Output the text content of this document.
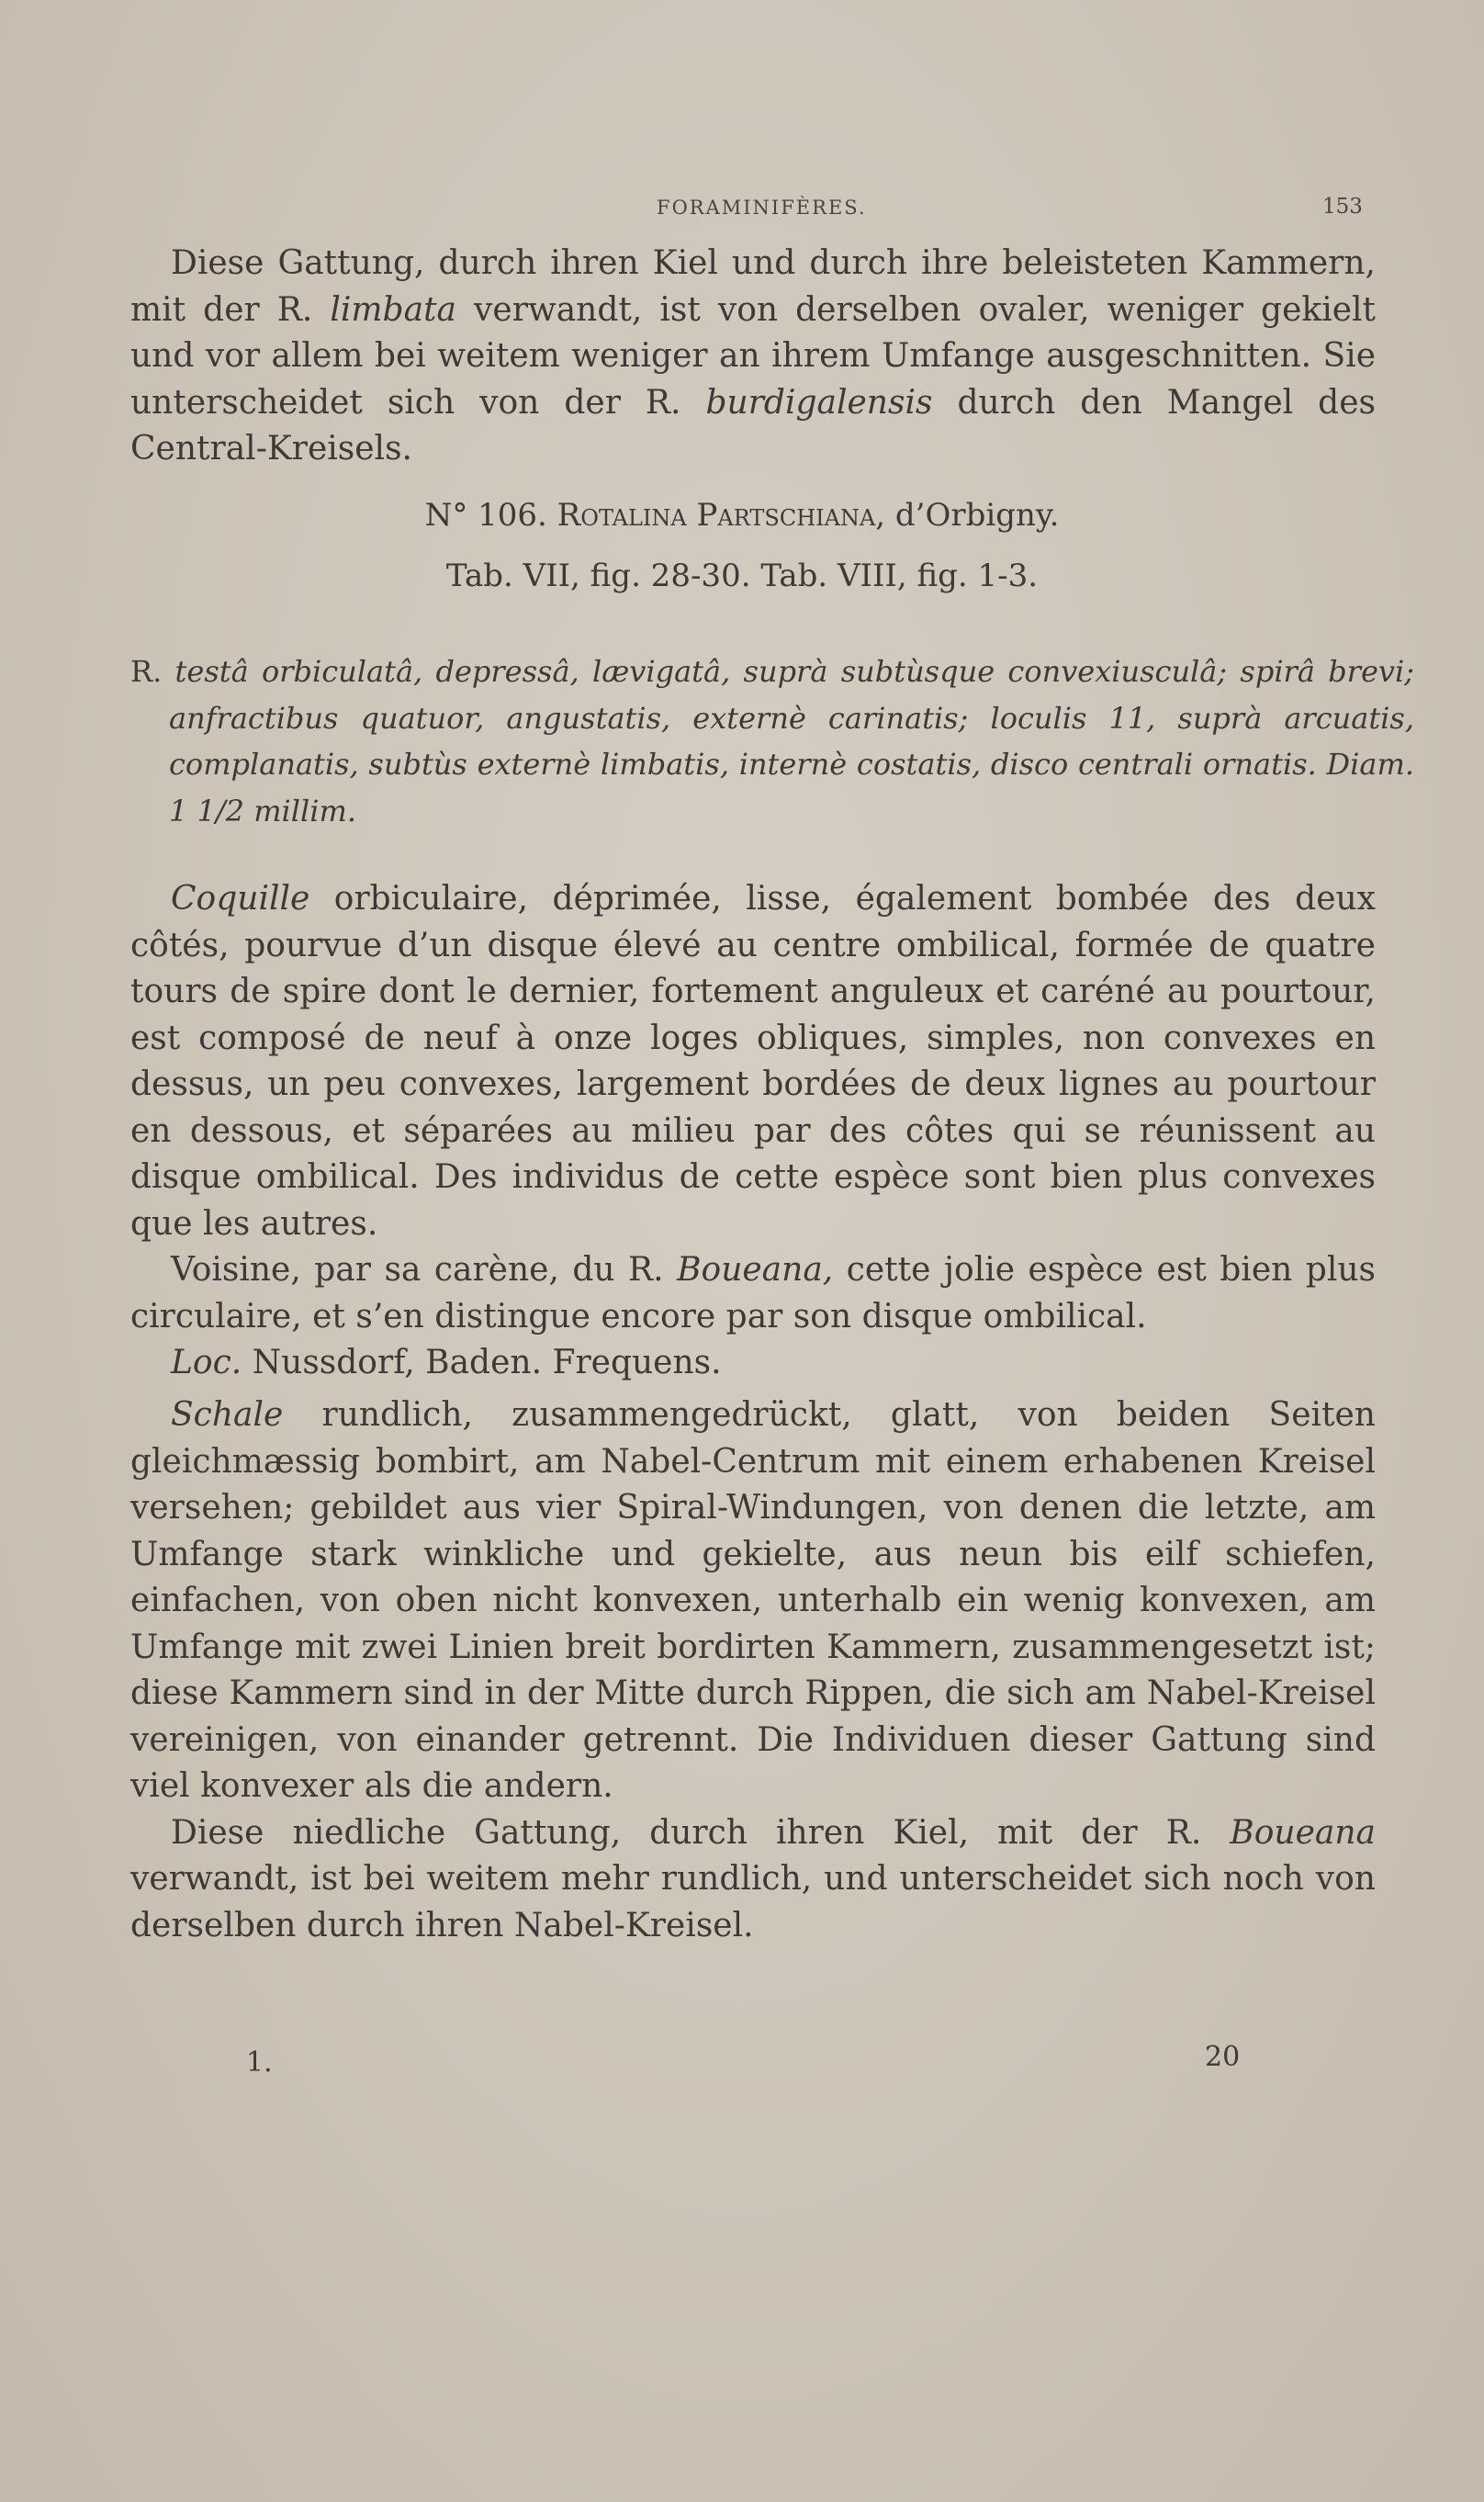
FORAMINIFÈRES.	153

Diese Gattung, durch ihren Kiel und durch ihre beleisteten Kammern, mit der R. limbata verwandt, ist von derselben ovaler, weniger gekielt und vor allem bei weitem weniger an ihrem Umfange ausgeschnitten. Sie unterscheidet sich von der R. burdigalensis durch den Mangel des Central-Kreisels.

N° 106. Rotalina Partschiana, d’Orbigny.
Tab. VII, fig. 28-30. Tab. VIII, fig. 1-3.
R. testâ orbiculatâ, depressâ, lævigatâ, suprà subtùsque convexiusculâ; spirâ brevi; anfractibus quatuor, angustatis, externè carinatis; loculis 11, suprà arcuatis, complanatis, subtùs externè limbatis, internè costatis, disco centrali ornatis. Diam. 1 1/2 millim.

Coquille orbiculaire, déprimée, lisse, également bombée des deux côtés, pourvue d’un disque élevé au centre ombilical, formée de quatre tours de spire dont le dernier, fortement anguleux et caréné au pourtour, est composé de neuf à onze loges obliques, simples, non convexes en dessus, un peu convexes, largement bordées de deux lignes au pourtour en dessous, et séparées au milieu par des côtes qui se réunissent au disque ombilical. Des individus de cette espèce sont bien plus convexes que les autres.

Voisine, par sa carène, du R. Boueana, cette jolie espèce est bien plus circulaire, et s’en distingue encore par son disque ombilical.

Loc. Nussdorf, Baden. Frequens.

Schale rundlich, zusammengedrückt, glatt, von beiden Seiten gleichmæssig bombirt, am Nabel-Centrum mit einem erhabenen Kreisel versehen; gebildet aus vier Spiral-Windungen, von denen die letzte, am Umfange stark winkliche und gekielte, aus neun bis eilf schiefen, einfachen, von oben nicht konvexen, unterhalb ein wenig konvexen, am Umfange mit zwei Linien breit bordirten Kammern, zusammengesetzt ist; diese Kammern sind in der Mitte durch Rippen, die sich am Nabel-Kreisel vereinigen, von einander getrennt. Die Individuen dieser Gattung sind viel konvexer als die andern.

Diese niedliche Gattung, durch ihren Kiel, mit der R. Boueana verwandt, ist bei weitem mehr rundlich, und unterscheidet sich noch von derselben durch ihren Nabel-Kreisel.

1.	20
